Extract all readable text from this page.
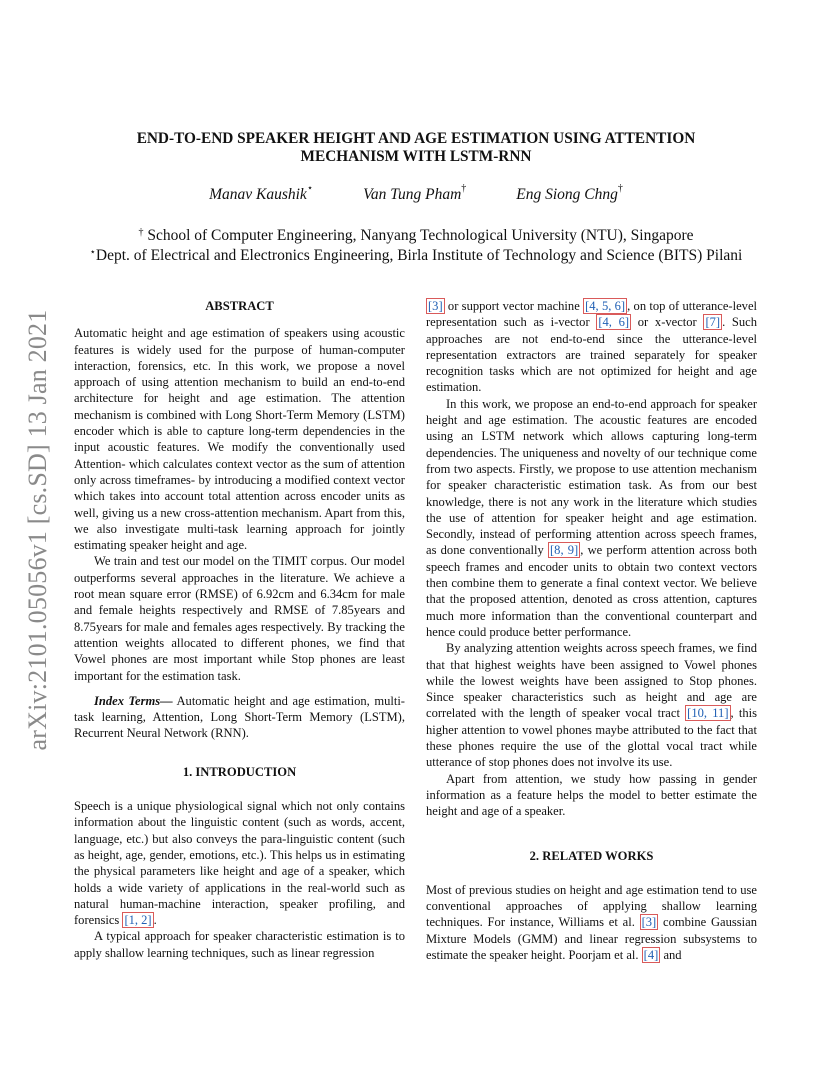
arXiv:2101.05056v1 [cs.SD] 13 Jan 2021
END-TO-END SPEAKER HEIGHT AND AGE ESTIMATION USING ATTENTION
MECHANISM WITH LSTM-RNN
Manav Kaushik⋆	Van Tung Pham†	Eng Siong Chng†
† School of Computer Engineering, Nanyang Technological University (NTU), Singapore
⋆Dept. of Electrical and Electronics Engineering, Birla Institute of Technology and Science (BITS) Pilani
ABSTRACT

Automatic height and age estimation of speakers using acoustic features is widely used for the purpose of human-computer interaction, forensics, etc. In this work, we propose a novel approach of using attention mechanism to build an end-to-end architecture for height and age estimation. The attention mechanism is combined with Long Short-Term Memory (LSTM) encoder which is able to capture long-term dependencies in the input acoustic features. We modify the conventionally used Attention- which calculates context vector as the sum of attention only across timeframes- by introducing a modified context vector which takes into account total attention across encoder units as well, giving us a new cross-attention mechanism. Apart from this, we also investigate multi-task learning approach for jointly estimating speaker height and age.

We train and test our model on the TIMIT corpus. Our model outperforms several approaches in the literature. We achieve a root mean square error (RMSE) of 6.92cm and 6.34cm for male and female heights respectively and RMSE of 7.85years and 8.75years for male and females ages respectively. By tracking the attention weights allocated to different phones, we find that Vowel phones are most important while Stop phones are least important for the estimation task.

Index Terms— Automatic height and age estimation, multi-task learning, Attention, Long Short-Term Memory (LSTM), Recurrent Neural Network (RNN).

1. INTRODUCTION

Speech is a unique physiological signal which not only contains information about the linguistic content (such as words, accent, language, etc.) but also conveys the para-linguistic content (such as height, age, gender, emotions, etc.). This helps us in estimating the physical parameters like height and age of a speaker, which holds a wide variety of applications in the real-world such as natural human-machine interaction, speaker profiling, and forensics [1, 2] .

A typical approach for speaker characteristic estimation is to apply shallow learning techniques, such as linear regression

[3] or support vector machine [4, 5, 6] , on top of utterance-level representation such as i-vector [4, 6] or x-vector [7] . Such approaches are not end-to-end since the utterance-level representation extractors are trained separately for speaker recognition tasks which are not optimized for height and age estimation.

In this work, we propose an end-to-end approach for speaker height and age estimation. The acoustic features are encoded using an LSTM network which allows capturing long-term dependencies. The uniqueness and novelty of our technique come from two aspects. Firstly, we propose to use attention mechanism for speaker characteristic estimation task. As from our best knowledge, there is not any work in the literature which studies the use of attention for speaker height and age estimation. Secondly, instead of performing attention across speech frames, as done conventionally [8, 9] , we perform attention across both speech frames and encoder units to obtain two context vectors then combine them to generate a final context vector. We believe that the proposed attention, denoted as cross attention, captures much more information than the conventional counterpart and hence could produce better performance.

By analyzing attention weights across speech frames, we find that that highest weights have been assigned to Vowel phones while the lowest weights have been assigned to Stop phones. Since speaker characteristics such as height and age are correlated with the length of speaker vocal tract [10, 11] , this higher attention to vowel phones maybe attributed to the fact that these phones require the use of the glottal vocal tract while utterance of stop phones does not involve its use.

Apart from attention, we study how passing in gender information as a feature helps the model to better estimate the height and age of a speaker.

2. RELATED WORKS

Most of previous studies on height and age estimation tend to use conventional approaches of applying shallow learning techniques. For instance, Williams et al. [3] combine Gaussian Mixture Models (GMM) and linear regression subsystems to estimate the speaker height. Poorjam et al. [4] and
